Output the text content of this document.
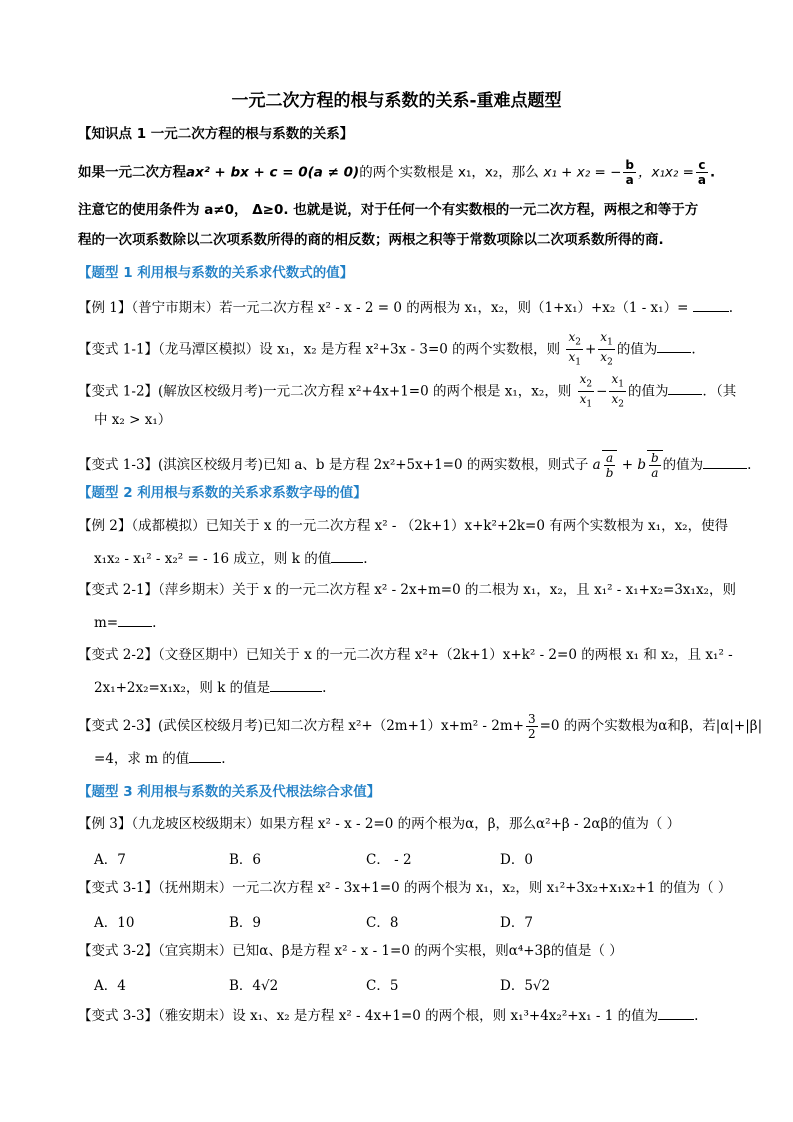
一元二次方程的根与系数的关系-重难点题型
【知识点 1 一元二次方程的根与系数的关系】
如果一元二次方程ax² + bx + c = 0(a ≠ 0)的两个实数根是 x₁，x₂，那么 x₁ + x₂ = − $\frac{b}{a}$ ，$x_1x_2 = \frac{c}{a}$ .
注意它的使用条件为 a≠0， Δ≥0. 也就是说，对于任何一个有实数根的一元二次方程，两根之和等于方
程的一次项系数除以二次项系数所得的商的相反数；两根之积等于常数项除以二次项系数所得的商.
【题型 1 利用根与系数的关系求代数式的值】
【例 1】（普宁市期末）若一元二次方程 x² - x - 2 = 0 的两根为 x₁，x₂，则（1+x₁）+x₂（1 - x₁）=	.
【变式 1-1】（龙马潭区模拟）设 x₁，x₂ 是方程 x²+3x - 3=0 的两个实数根，则 $\frac{x_2}{x_1} + \frac{x_1}{x_2}$ 的值为	.
【变式 1-2】(解放区校级月考)一元二次方程 x²+4x+1=0 的两个根是 x₁，x₂，则 $\frac{x_2}{x_1} - \frac{x_1}{x_2}$ 的值为	．（其
中 x₂ > x₁）
【变式 1-3】(淇滨区校级月考)已知 a、b 是方程 2x²+5x+1=0 的两实数根，则式子 a $\frac{a}{b} + b \frac{b}{a}$ 的值为	.
【题型 2 利用根与系数的关系求系数字母的值】
【例 2】（成都模拟）已知关于 x 的一元二次方程 x² - （2k+1）x+k²+2k=0 有两个实数根为 x₁，x₂，使得
x₁x₂ - x₁² - x₂² = - 16 成立，则 k 的值 .
【变式 2-1】（萍乡期末）关于 x 的一元二次方程 x² - 2x+m=0 的二根为 x₁，x₂，且 x₁² - x₁+x₂=3x₁x₂，则
m=	.
【变式 2-2】（文登区期中）已知关于 x 的一元二次方程 x²+（2k+1）x+k² - 2=0 的两根 x₁ 和 x₂，且 x₁² -
2x₁+2x₂=x₁x₂，则 k 的值是	.
【变式 2-3】(武侯区校级月考)已知二次方程 $x^2+(2m+1)x+m^2 - 2m+ \frac{3}{2} =0$ 的两个实数根为α和β，若|α|+|β|
=4，求 m 的值 .
【题型 3 利用根与系数的关系及代根法综合求值】
【例 3】（九龙坡区校级期末）如果方程 x² - x - 2=0 的两个根为α，β，那么α²+β - 2αβ的值为（ ）
A．7	B．6	C． - 2	D．0
【变式 3-1】（抚州期末）一元二次方程 x² - 3x+1=0 的两个根为 x₁，x₂，则 x₁²+3x₂+x₁x₂+1 的值为（ ）
A．10	B．9	C．8	D．7
【变式 3-2】（宜宾期末）已知α、β是方程 x² - x - 1=0 的两个实根，则α⁴+3β的值是（ ）
A．4	B．4√2	C．5	D．5√2
【变式 3-3】（雅安期末）设 x₁、x₂ 是方程 x² - 4x+1=0 的两个根，则 x₁³+4x₂²+x₁ - 1 的值为	.
